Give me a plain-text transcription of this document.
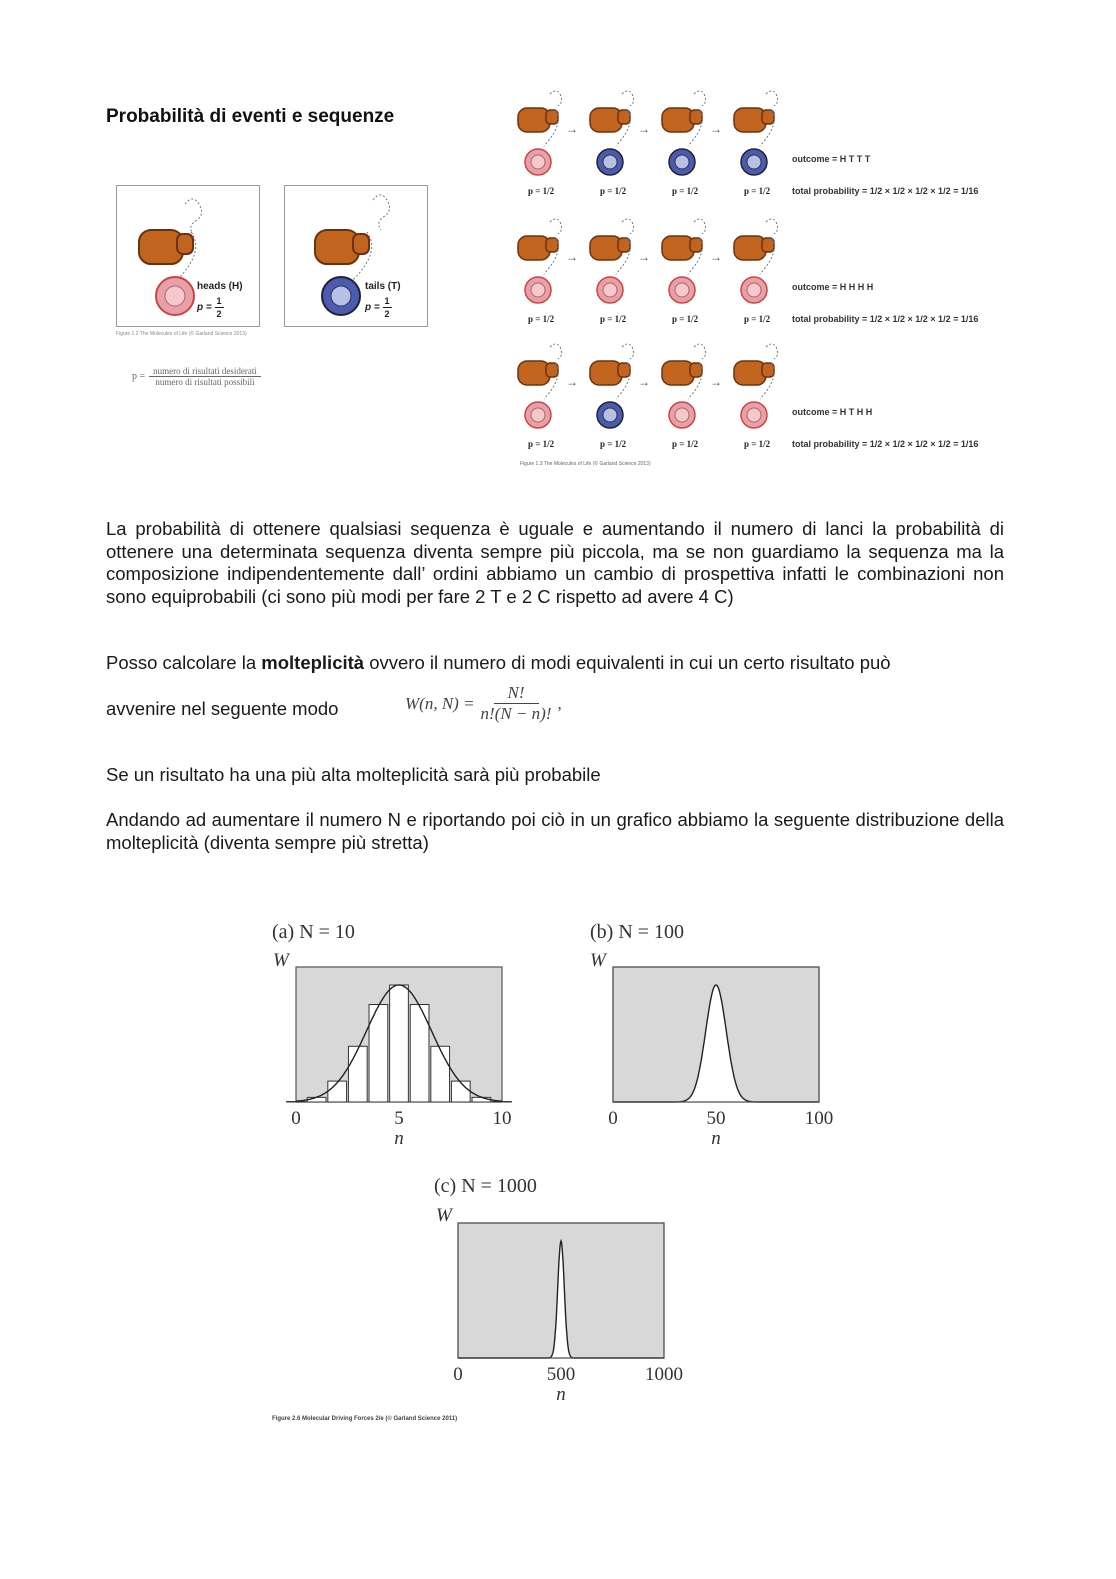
Probabilità di eventi e sequenze
heads (H)
$p = \frac{1}{2}$
tails (T)
$p = \frac{1}{2}$
Figure 1.2 The Molecules of Life (© Garland Science 2013)
$p = \frac{\text{numero di risultati desiderati}}{\text{numero di risultati possibili}}$
Figure 1.3 The Molecules of Life (© Garland Science 2013)
p = 1/2
→
p = 1/2
→
p = 1/2
→
p = 1/2
outcome = H T T T
total probability = 1/2 × 1/2 × 1/2 × 1/2 = 1/16
p = 1/2
→
p = 1/2
→
p = 1/2
→
p = 1/2
outcome = H H H H
total probability = 1/2 × 1/2 × 1/2 × 1/2 = 1/16
p = 1/2
→
p = 1/2
→
p = 1/2
→
p = 1/2
outcome = H T H H
total probability = 1/2 × 1/2 × 1/2 × 1/2 = 1/16
La probabilità di ottenere qualsiasi sequenza è uguale e aumentando il numero di lanci la probabilità di ottenere una determinata sequenza diventa sempre più piccola, ma se non guardiamo la sequenza ma la composizione indipendentemente dall’ ordini abbiamo un cambio di prospettiva infatti le combinazioni non sono equiprobabili (ci sono più modi per fare 2 T e 2 C rispetto ad avere 4 C)
Posso calcolare la molteplicità ovvero il numero di modi equivalenti in cui un certo risultato può
avvenire nel seguente modo	W(n, $N) = \frac{N!}{n!(N - n)!}$ ,
Se un risultato ha una più alta molteplicità sarà più probabile
Andando ad aumentare il numero N e riportando poi ciò in un grafico abbiamo la seguente distribuzione della molteplicità (diventa sempre più stretta)
(a) N = 10
W
0	5	10
n
(b) N = 100
W
0	50	100
n
(c) N = 1000
W
0	500	1000
n
Figure 2.6 Molecular Driving Forces 2/e (© Garland Science 2011)
